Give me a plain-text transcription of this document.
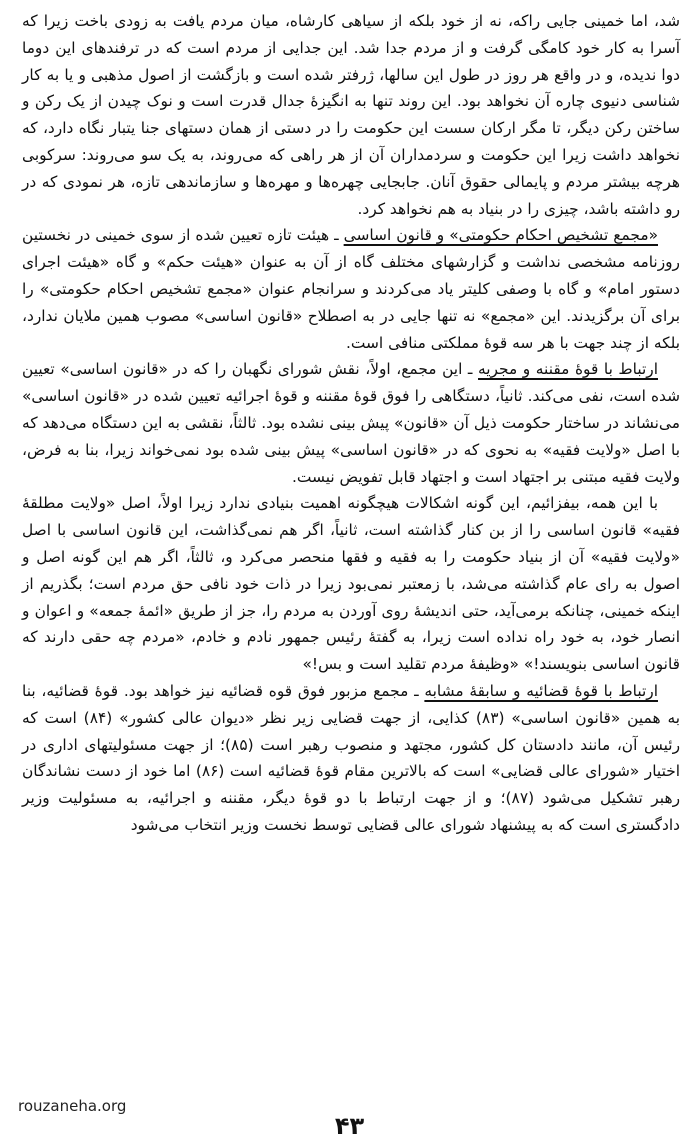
شد، اما خمینی جایی راکه، نه از خود بلکه از سیاهی کارشاه، میان مردم یافت به زودی باخت زیرا که آسرا به کار خود کامگی گرفت و از مردم جدا شد. این جدایی از مردم است که در ترفندهای این دوما دوا ندیده، و در واقع هر روز در طول این سالها، ژرفتر شده است و بازگشت از اصول مذهبی و یا به کار شناسی دنیوی چاره آن نخواهد بود. این روند تنها به انگیزهٔ جدال قدرت است و نوک چیدن از یک رکن و ساختن رکن دیگر، تا مگر ارکان سست این حکومت را در دستی از همان دستهای جنا یتبار نگاه دارد، که نخواهد داشت زیرا این حکومت و سردمداران آن از هر راهی که می‌روند، به یک سو می‌روند: سرکوبی هرچه بیشتر مردم و پایمالی حقوق آنان. جابجایی چهره‌ها و مهره‌ها و سازماندهی تازه، هر نمودی که در رو داشته باشد، چیزی را در بنیاد به هم نخواهد کرد.

«مجمع تشخیص احکام حکومتی» و قانون اساسی ـ هیئت تازه تعیین شده از سوی خمینی در نخستین روزنامه مشخصی نداشت و گزارشهای مختلف گاه از آن به عنوان «هیئت حکم» و گاه «هیئت اجرای دستور امام» و گاه با وصفی کلیتر یاد می‌کردند و سرانجام عنوان «مجمع تشخیص احکام حکومتی» را برای آن برگزیدند. این «مجمع» نه تنها جایی در به اصطلاح «قانون اساسی» مصوب همین ملایان ندارد، بلکه از چند جهت با هر سه قوهٔ مملکتی منافی است.

ارتباط با قوهٔ مقننه و مجریه ـ این مجمع، اولاً، نقش شورای نگهبان را که در «قانون اساسی» تعیین شده است، نفی می‌کند. ثانیاً، دستگاهی را فوق قوهٔ مقننه و قوهٔ اجرائیه تعیین شده در «قانون اساسی» می‌نشاند در ساختار حکومت ذیل آن «قانون» پیش بینی نشده بود. ثالثاً، نقشی به این دستگاه می‌دهد که با اصل «ولایت فقیه» به نحوی که در «قانون اساسی» پیش بینی شده بود نمی‌خواند زیرا، بنا به فرض، ولایت فقیه مبتنی بر اجتهاد است و اجتهاد قابل تفویض نیست.

با این همه، بیفزائیم، این گونه اشکالات هیچگونه اهمیت بنیادی ندارد زیرا اولاً، اصل «ولایت مطلقهٔ فقیه» قانون اساسی را از بن کنار گذاشته است، ثانیاً، اگر هم نمی‌گذاشت، این قانون اساسی با اصل «ولایت فقیه» آن از بنیاد حکومت را به فقیه و فقها منحصر می‌کرد و، ثالثاً، اگر هم این گونه اصل و اصول به رای عام گذاشته می‌شد، با زمعتبر نمی‌بود زیرا در ذات خود نافی حق مردم است؛ بگذریم از اینکه خمینی، چنانکه برمی‌آید، حتی اندیشهٔ روی آوردن به مردم را، جز از طریق «ائمهٔ جمعه» و اعوان و انصار خود، به خود راه نداده است زیرا، به گفتهٔ رئیس جمهور نادم و خادم، «مردم چه حقی دارند که قانون اساسی بنویسند!» «وظیفهٔ مردم تقلید است و بس!»

ارتباط با قوهٔ قضائیه و سابقهٔ مشابه ـ مجمع مزبور فوق قوه قضائیه نیز خواهد بود. قوهٔ قضائیه، بنا به همین «قانون اساسی» (۸۳) کذایی، از جهت قضایی زیر نظر «دیوان عالی کشور» (۸۴) است که رئیس آن، مانند دادستان کل کشور، مجتهد و منصوب رهبر است (۸۵)؛ از جهت مسئولیتهای اداری در اختیار «شورای عالی قضایی» است که بالاترین مقام قوهٔ قضائیه است (۸۶) اما خود از دست نشاندگان رهبر تشکیل می‌شود (۸۷)؛ و از جهت ارتباط با دو قوهٔ دیگر، مقننه و اجرائیه، به مسئولیت وزیر دادگستری است که به پیشنهاد شورای عالی قضایی توسط نخست وزیر انتخاب می‌شود

rouzaneha.org
۴۳
